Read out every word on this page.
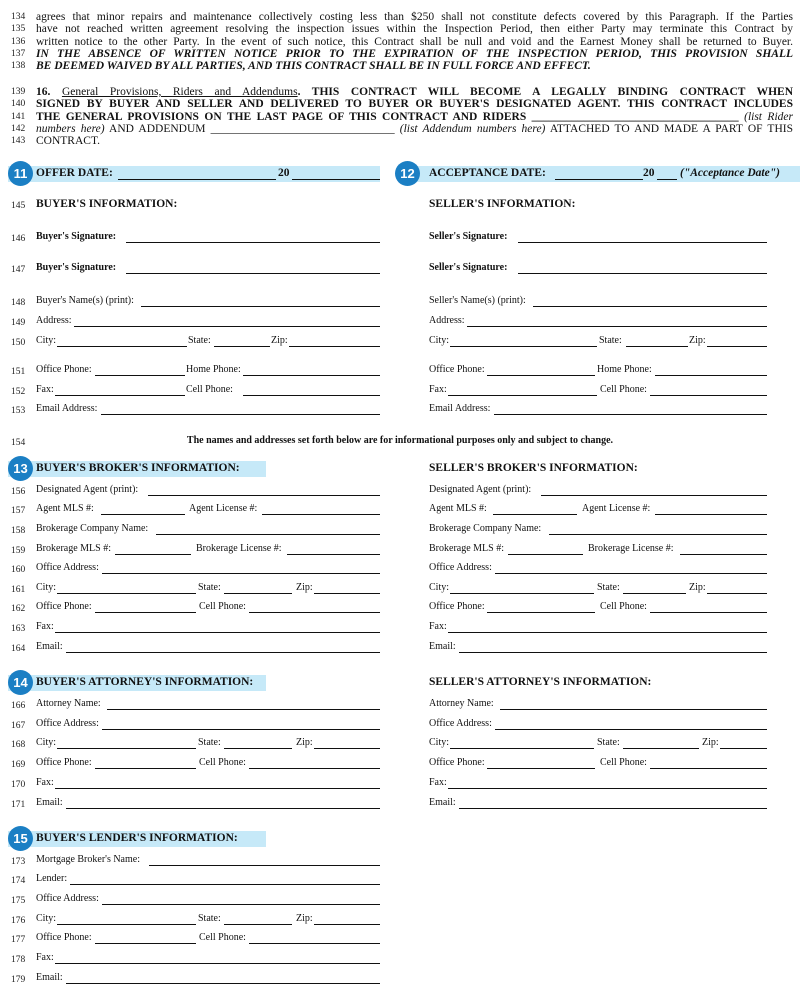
11 OFFER DATE:	20	12	ACCEPTANCE DATE:	20 ("Acceptance Date")
145 BUYER'S INFORMATION:	SELLER'S INFORMATION:
146	Buyer's Signature:	Seller's Signature:
147	Buyer's Signature:	Seller's Signature:
148	Buyer's Name(s) (print):	Seller's Name(s) (print):
149	Address:	Address:
150	City:	State:	Zip:	City:	State:	Zip:
151	Office Phone:	Home Phone:	Office Phone:	Home Phone:
152	Fax:	Cell Phone:	Fax:	Cell Phone:
153	Email Address:	Email Address:
154	The names and addresses set forth below are for informational purposes only and subject to change.
13 BUYER'S BROKER'S INFORMATION:	SELLER'S BROKER'S INFORMATION:
14 BUYER'S ATTORNEY'S INFORMATION:	SELLER'S ATTORNEY'S INFORMATION:
15 BUYER'S LENDER'S INFORMATION:
134 agrees that minor repairs and maintenance collectively costing less than $250 shall not constitute defects covered by this Paragraph. If the Parties
135 have not reached written agreement resolving the inspection issues within the Inspection Period, then either Party may terminate this Contract by
136 written notice to the other Party. In the event of such notice, this Contract shall be null and void and the Earnest Money shall be returned to Buyer.
137 IN THE ABSENCE OF WRITTEN NOTICE PRIOR TO THE EXPIRATION OF THE INSPECTION PERIOD, THIS PROVISION SHALL
138 BE DEEMED WAIVED BY ALL PARTIES, AND THIS CONTRACT SHALL BE IN FULL FORCE AND EFFECT.
139 16. General Provisions, Riders and Addendums. THIS CONTRACT WILL BECOME A LEGALLY BINDING CONTRACT WHEN
140 SIGNED BY BUYER AND SELLER AND DELIVERED TO BUYER OR BUYER'S DESIGNATED AGENT. THIS CONTRACT INCLUDES
141 THE GENERAL PROVISIONS ON THE LAST PAGE OF THIS CONTRACT AND RIDERS ____________________________________ (list Rider
142 numbers here) AND ADDENDUM ________________________________ (list Addendum numbers here) ATTACHED TO AND MADE A PART OF THIS
143 CONTRACT.
156	Designated Agent (print):	Designated Agent (print):
157	Agent MLS #:	Agent License #:	Agent MLS #:	Agent License #:
158	Brokerage Company Name:	Brokerage Company Name:
159	Brokerage MLS #:	Brokerage License #:	Brokerage MLS #:	Brokerage License #:
160	Office Address:	Office Address:
161	City:	State:	Zip:	City:	State:	Zip:
162	Office Phone:	Cell Phone:	Office Phone:	Cell Phone:
163	Fax:	Fax:
164	Email:	Email:
166	Attorney Name:	Attorney Name:
167	Office Address:	Office Address:
168	City:	State:	Zip:	City:	State:	Zip:
169	Office Phone:	Cell Phone:	Office Phone:	Cell Phone:
170	Fax:	Fax:
171	Email:	Email:
173	Mortgage Broker's Name:
174	Lender:
175	Office Address:
176	City:	State:	Zip:
177	Office Phone:	Cell Phone:
178	Fax:
179	Email:
